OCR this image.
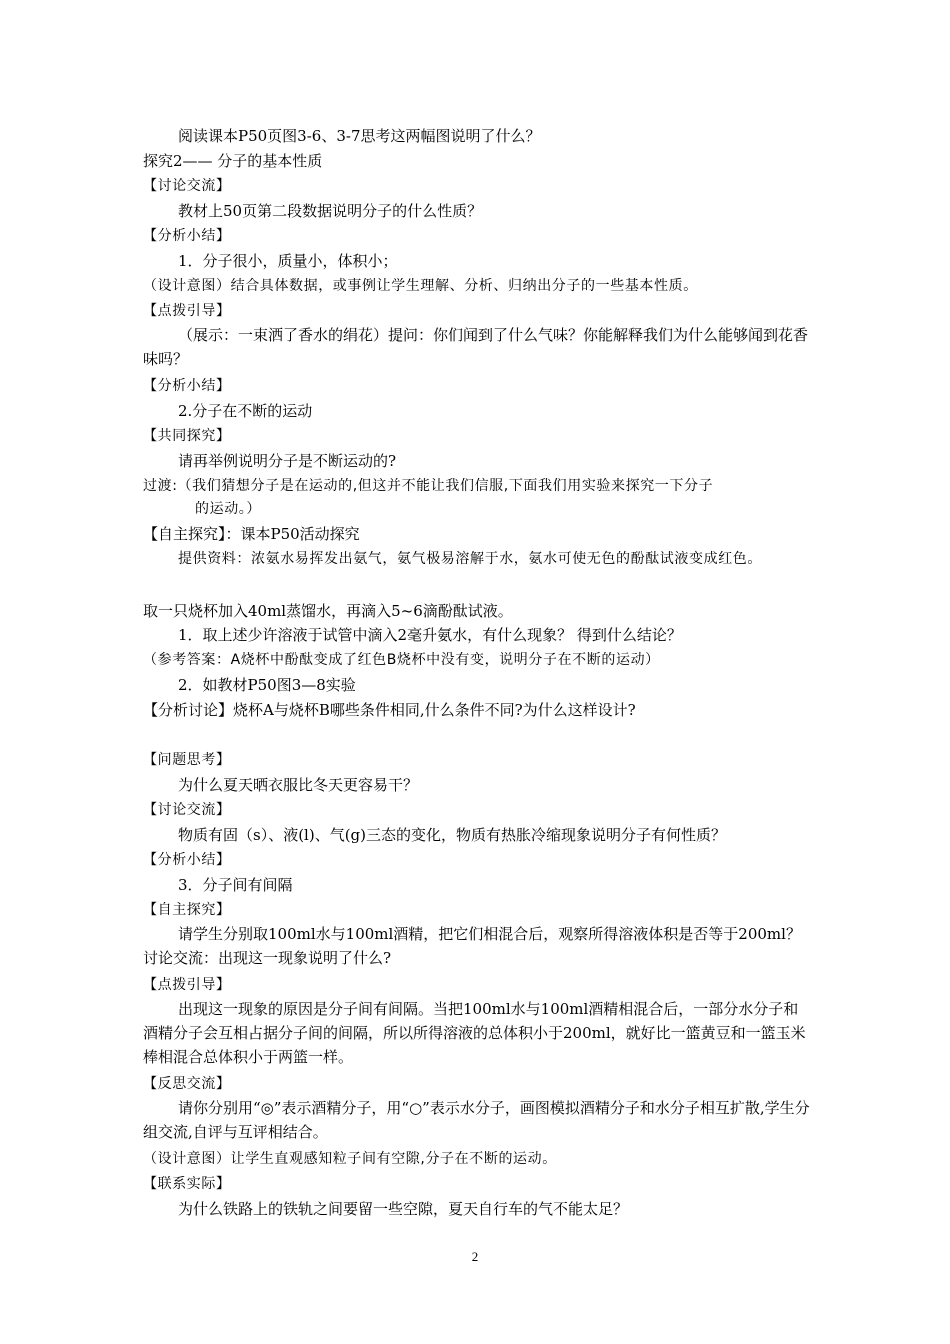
阅读课本P50页图3-6、3-7思考这两幅图说明了什么？
探究2—— 分子的基本性质
【讨论交流】
教材上50页第二段数据说明分子的什么性质？
【分析小结】
1．分子很小，质量小，体积小；
（设计意图）结合具体数据，或事例让学生理解、分析、归纳出分子的一些基本性质。
【点拨引导】
（展示：一束洒了香水的绢花）提问：你们闻到了什么气味？你能解释我们为什么能够闻到花香味吗？
【分析小结】
2.分子在不断的运动
【共同探究】
请再举例说明分子是不断运动的?
过渡:（我们猜想分子是在运动的,但这并不能让我们信服,下面我们用实验来探究一下分子
的运动。）
【自主探究】：课本P50活动探究
提供资料：浓氨水易挥发出氨气，氨气极易溶解于水，氨水可使无色的酚酞试液变成红色。
取一只烧杯加入40ml蒸馏水，再滴入5~6滴酚酞试液。
1．取上述少许溶液于试管中滴入2毫升氨水，有什么现象？ 得到什么结论？
（参考答案：A烧杯中酚酞变成了红色B烧杯中没有变，说明分子在不断的运动）
2．如教材P50图3—8实验
【分析讨论】烧杯A与烧杯B哪些条件相同,什么条件不同?为什么这样设计?
【问题思考】
为什么夏天晒衣服比冬天更容易干？
【讨论交流】
物质有固（s）、液(l)、气(g)三态的变化，物质有热胀冷缩现象说明分子有何性质？
【分析小结】
3．分子间有间隔
【自主探究】
请学生分别取100ml水与100ml酒精，把它们相混合后，观察所得溶液体积是否等于200ml？讨论交流：出现这一现象说明了什么?
【点拨引导】
出现这一现象的原因是分子间有间隔。当把100ml水与100ml酒精相混合后，一部分水分子和酒精分子会互相占据分子间的间隔，所以所得溶液的总体积小于200ml，就好比一篮黄豆和一篮玉米棒相混合总体积小于两篮一样。
【反思交流】
请你分别用“◎”表示酒精分子，用“○”表示水分子，画图模拟酒精分子和水分子相互扩散,学生分组交流,自评与互评相结合。
（设计意图）让学生直观感知粒子间有空隙,分子在不断的运动。
【联系实际】
为什么铁路上的铁轨之间要留一些空隙，夏天自行车的气不能太足？
2
